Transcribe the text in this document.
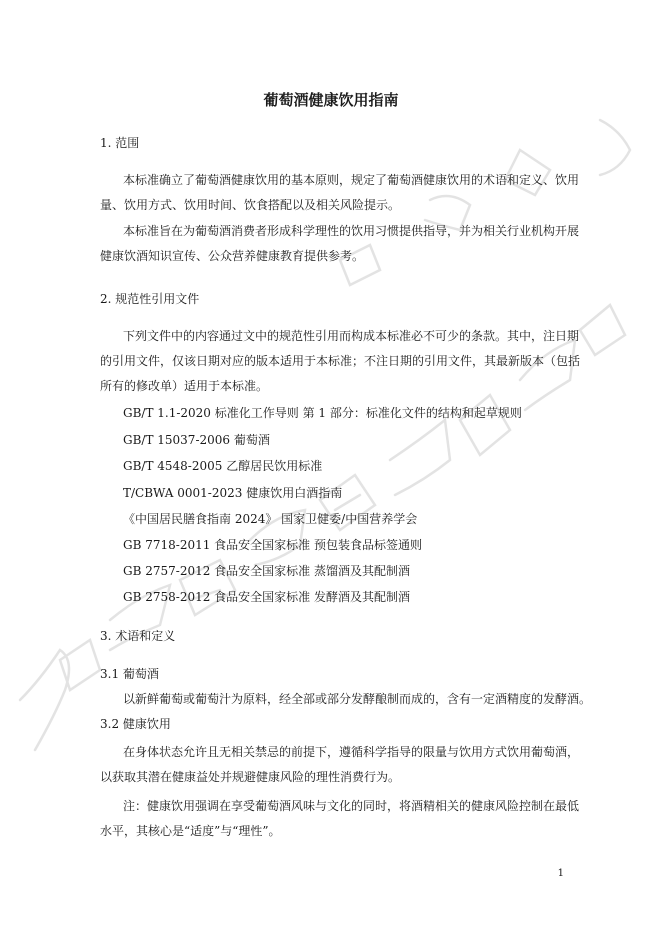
葡萄酒健康饮用指南
1. 范围
本标准确立了葡萄酒健康饮用的基本原则，规定了葡萄酒健康饮用的术语和定义、饮用
量、饮用方式、饮用时间、饮食搭配以及相关风险提示。
本标准旨在为葡萄酒消费者形成科学理性的饮用习惯提供指导，并为相关行业机构开展
健康饮酒知识宣传、公众营养健康教育提供参考。
2. 规范性引用文件
下列文件中的内容通过文中的规范性引用而构成本标准必不可少的条款。其中，注日期
的引用文件，仅该日期对应的版本适用于本标准；不注日期的引用文件，其最新版本（包括
所有的修改单）适用于本标准。
GB/T 1.1-2020 标准化工作导则 第 1 部分：标准化文件的结构和起草规则
GB/T 15037-2006 葡萄酒
GB/T 4548-2005 乙醇居民饮用标准
T/CBWA 0001-2023 健康饮用白酒指南
《中国居民膳食指南 2024》 国家卫健委/中国营养学会
GB 7718-2011 食品安全国家标准 预包装食品标签通则
GB 2757-2012 食品安全国家标准 蒸馏酒及其配制酒
GB 2758-2012 食品安全国家标准 发酵酒及其配制酒
3. 术语和定义
3.1 葡萄酒
以新鲜葡萄或葡萄汁为原料，经全部或部分发酵酿制而成的，含有一定酒精度的发酵酒。
3.2 健康饮用
在身体状态允许且无相关禁忌的前提下，遵循科学指导的限量与饮用方式饮用葡萄酒，
以获取其潜在健康益处并规避健康风险的理性消费行为。
注：健康饮用强调在享受葡萄酒风味与文化的同时，将酒精相关的健康风险控制在最低
水平，其核心是“适度”与“理性”。
1
